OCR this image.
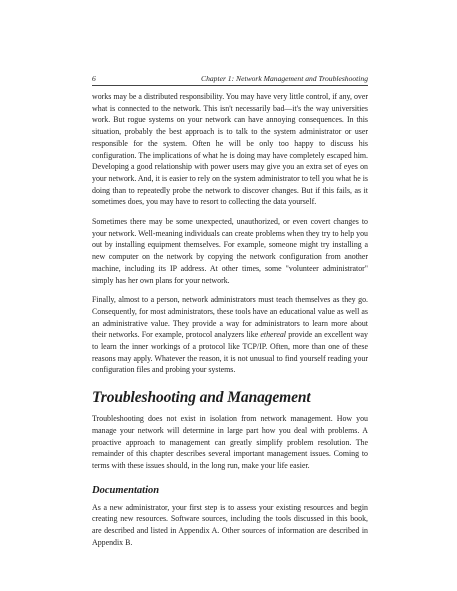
6	Chapter 1: Network Management and Troubleshooting

works may be a distributed responsibility. You may have very little control, if any, over what is connected to the network. This isn't necessarily bad—it's the way universities work. But rogue systems on your network can have annoying consequences. In this situation, probably the best approach is to talk to the system administrator or user responsible for the system. Often he will be only too happy to discuss his configuration. The implications of what he is doing may have completely escaped him. Developing a good relationship with power users may give you an extra set of eyes on your network. And, it is easier to rely on the system administrator to tell you what he is doing than to repeatedly probe the network to discover changes. But if this fails, as it sometimes does, you may have to resort to collecting the data yourself.

Sometimes there may be some unexpected, unauthorized, or even covert changes to your network. Well-meaning individuals can create problems when they try to help you out by installing equipment themselves. For example, someone might try installing a new computer on the network by copying the network configuration from another machine, including its IP address. At other times, some "volunteer administrator" simply has her own plans for your network.

Finally, almost to a person, network administrators must teach themselves as they go. Consequently, for most administrators, these tools have an educational value as well as an administrative value. They provide a way for administrators to learn more about their networks. For example, protocol analyzers like ethereal provide an excellent way to learn the inner workings of a protocol like TCP/IP. Often, more than one of these reasons may apply. Whatever the reason, it is not unusual to find yourself reading your configuration files and probing your systems.

Troubleshooting and Management

Troubleshooting does not exist in isolation from network management. How you manage your network will determine in large part how you deal with problems. A proactive approach to management can greatly simplify problem resolution. The remainder of this chapter describes several important management issues. Coming to terms with these issues should, in the long run, make your life easier.

Documentation

As a new administrator, your first step is to assess your existing resources and begin creating new resources. Software sources, including the tools discussed in this book, are described and listed in Appendix A. Other sources of information are described in Appendix B.
